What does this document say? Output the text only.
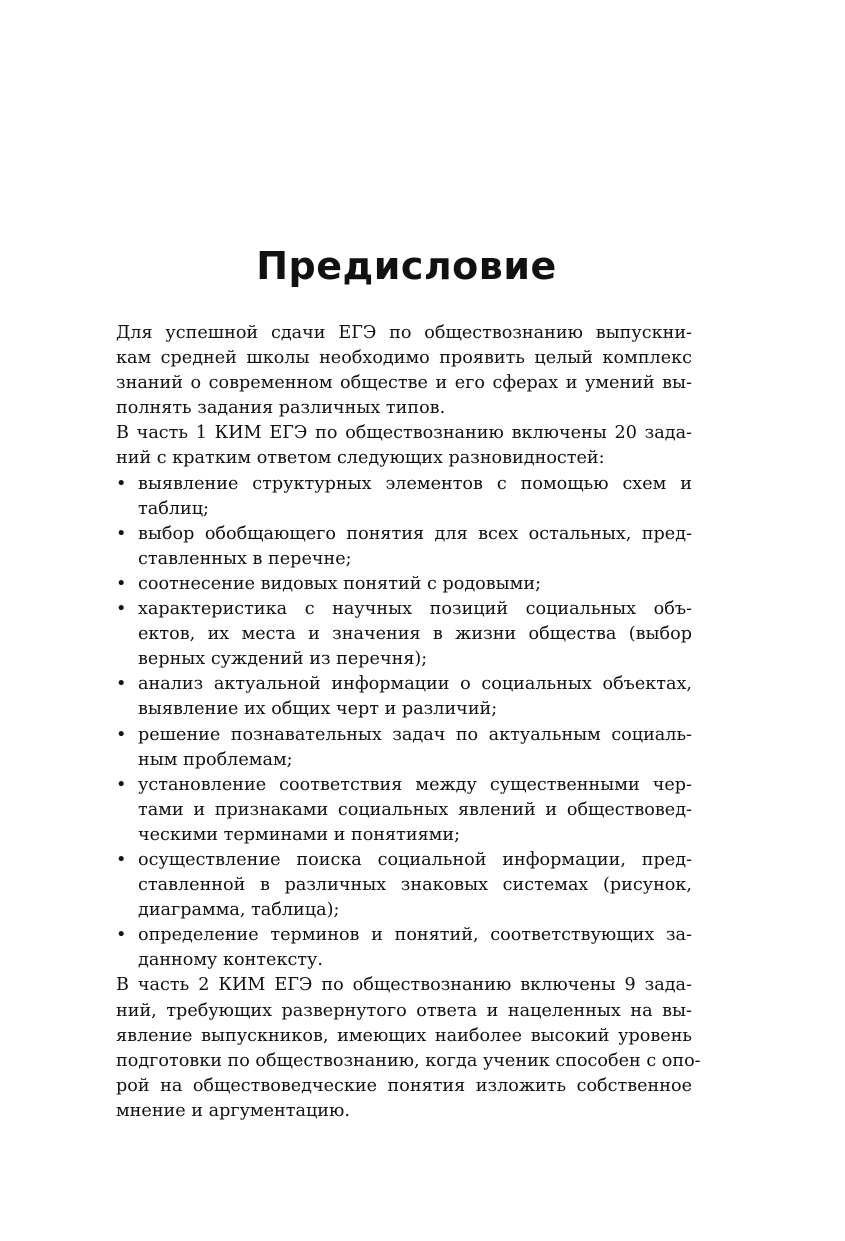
Предисловие
Для успешной сдачи ЕГЭ по обществознанию выпускни-
кам средней школы необходимо проявить целый комплекс
знаний о современном обществе и его сферах и умений вы-
полнять задания различных типов.
В часть 1 КИМ ЕГЭ по обществознанию включены 20 зада-
ний с кратким ответом следующих разновидностей:
• выявление структурных элементов с помощью схем и
таблиц;
• выбор обобщающего понятия для всех остальных, пред-
ставленных в перечне;
• соотнесение видовых понятий с родовыми;
• характеристика с научных позиций социальных объ-
ектов, их места и значения в жизни общества (выбор
верных суждений из перечня);
• анализ актуальной информации о социальных объектах,
выявление их общих черт и различий;
• решение познавательных задач по актуальным социаль-
ным проблемам;
• установление соответствия между существенными чер-
тами и признаками социальных явлений и обществовед-
ческими терминами и понятиями;
• осуществление поиска социальной информации, пред-
ставленной в различных знаковых системах (рисунок,
диаграмма, таблица);
• определение терминов и понятий, соответствующих за-
данному контексту.
В часть 2 КИМ ЕГЭ по обществознанию включены 9 зада-
ний, требующих развернутого ответа и нацеленных на вы-
явление выпускников, имеющих наиболее высокий уровень
подготовки по обществознанию, когда ученик способен с опо-
рой на обществоведческие понятия изложить собственное
мнение и аргументацию.
